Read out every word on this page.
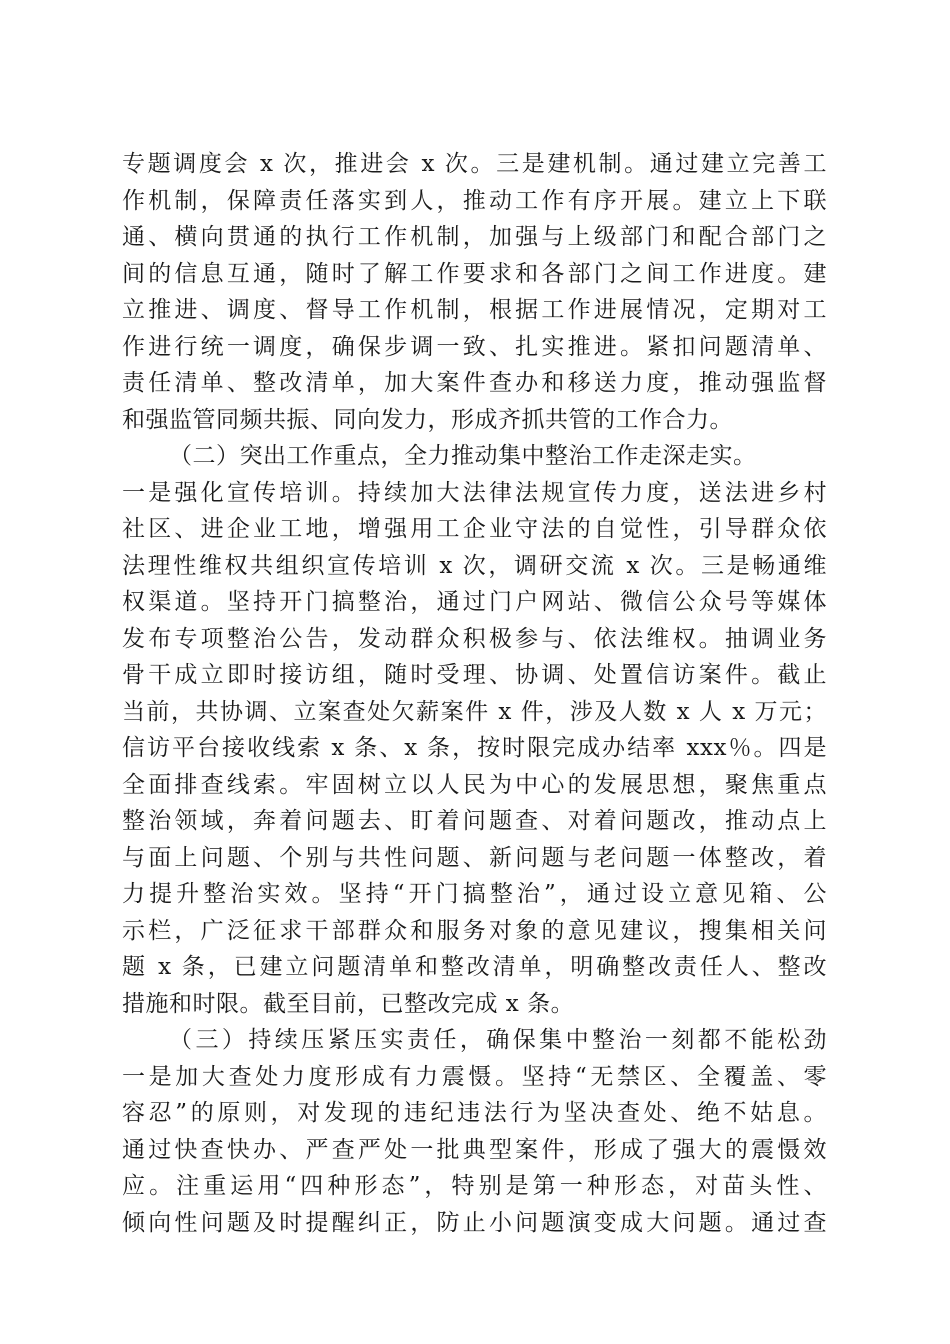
专题调度会 x 次，推进会 x 次。三是建机制。通过建立完善工
作机制，保障责任落实到人，推动工作有序开展。建立上下联
通、横向贯通的执行工作机制，加强与上级部门和配合部门之
间的信息互通，随时了解工作要求和各部门之间工作进度。建
立推进、调度、督导工作机制，根据工作进展情况，定期对工
作进行统一调度，确保步调一致、扎实推进。紧扣问题清单、
责任清单、整改清单，加大案件查办和移送力度，推动强监督
和强监管同频共振、同向发力，形成齐抓共管的工作合力。
（二）突出工作重点，全力推动集中整治工作走深走实。
一是强化宣传培训。持续加大法律法规宣传力度，送法进乡村
社区、进企业工地，增强用工企业守法的自觉性，引导群众依
法理性维权共组织宣传培训 x 次，调研交流 x 次。三是畅通维
权渠道。坚持开门搞整治，通过门户网站、微信公众号等媒体
发布专项整治公告，发动群众积极参与、依法维权。抽调业务
骨干成立即时接访组，随时受理、协调、处置信访案件。截止
当前，共协调、立案查处欠薪案件 x 件，涉及人数 x 人 x 万元；
信访平台接收线索 x 条、x 条，按时限完成办结率 xxx％。四是
全面排查线索。牢固树立以人民为中心的发展思想，聚焦重点
整治领域，奔着问题去、盯着问题查、对着问题改，推动点上
与面上问题、个别与共性问题、新问题与老问题一体整改，着
力提升整治实效。坚持“开门搞整治”，通过设立意见箱、公
示栏，广泛征求干部群众和服务对象的意见建议，搜集相关问
题 x 条，已建立问题清单和整改清单，明确整改责任人、整改
措施和时限。截至目前，已整改完成 x 条。
（三）持续压紧压实责任，确保集中整治一刻都不能松劲
一是加大查处力度形成有力震慑。坚持“无禁区、全覆盖、零
容忍”的原则，对发现的违纪违法行为坚决查处、绝不姑息。
通过快查快办、严查严处一批典型案件，形成了强大的震慑效
应。注重运用“四种形态”，特别是第一种形态，对苗头性、
倾向性问题及时提醒纠正，防止小问题演变成大问题。通过查
